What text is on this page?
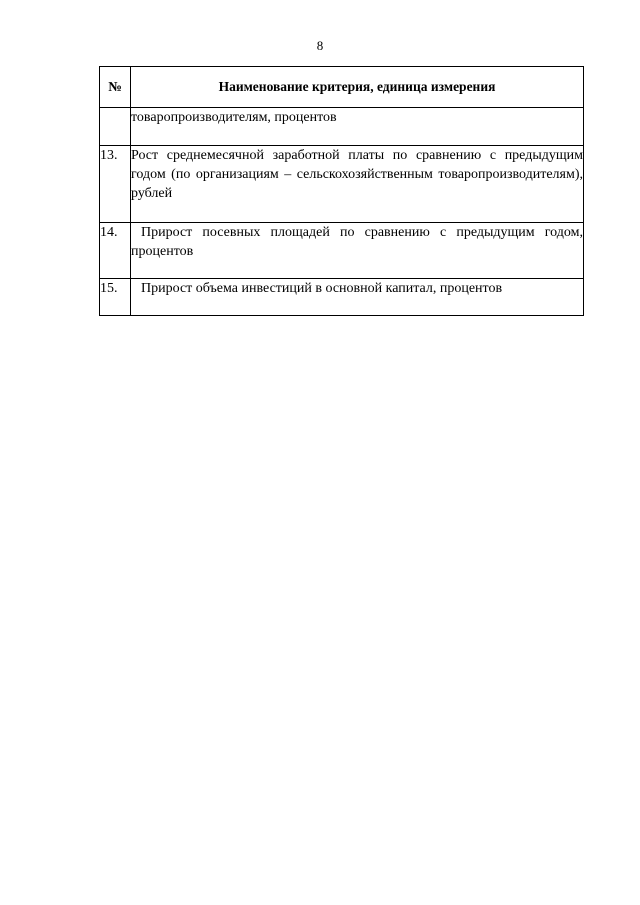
8
№	Наименование критерия, единица измерения
	товаропроизводителям, процентов
13.	Рост среднемесячной заработной платы по сравнению с предыдущим годом (по организациям – сельскохозяйственным товаропроизводителям), рублей
14.	Прирост посевных площадей по сравнению с предыдущим годом, процентов
15.	Прирост объема инвестиций в основной капитал, процентов
